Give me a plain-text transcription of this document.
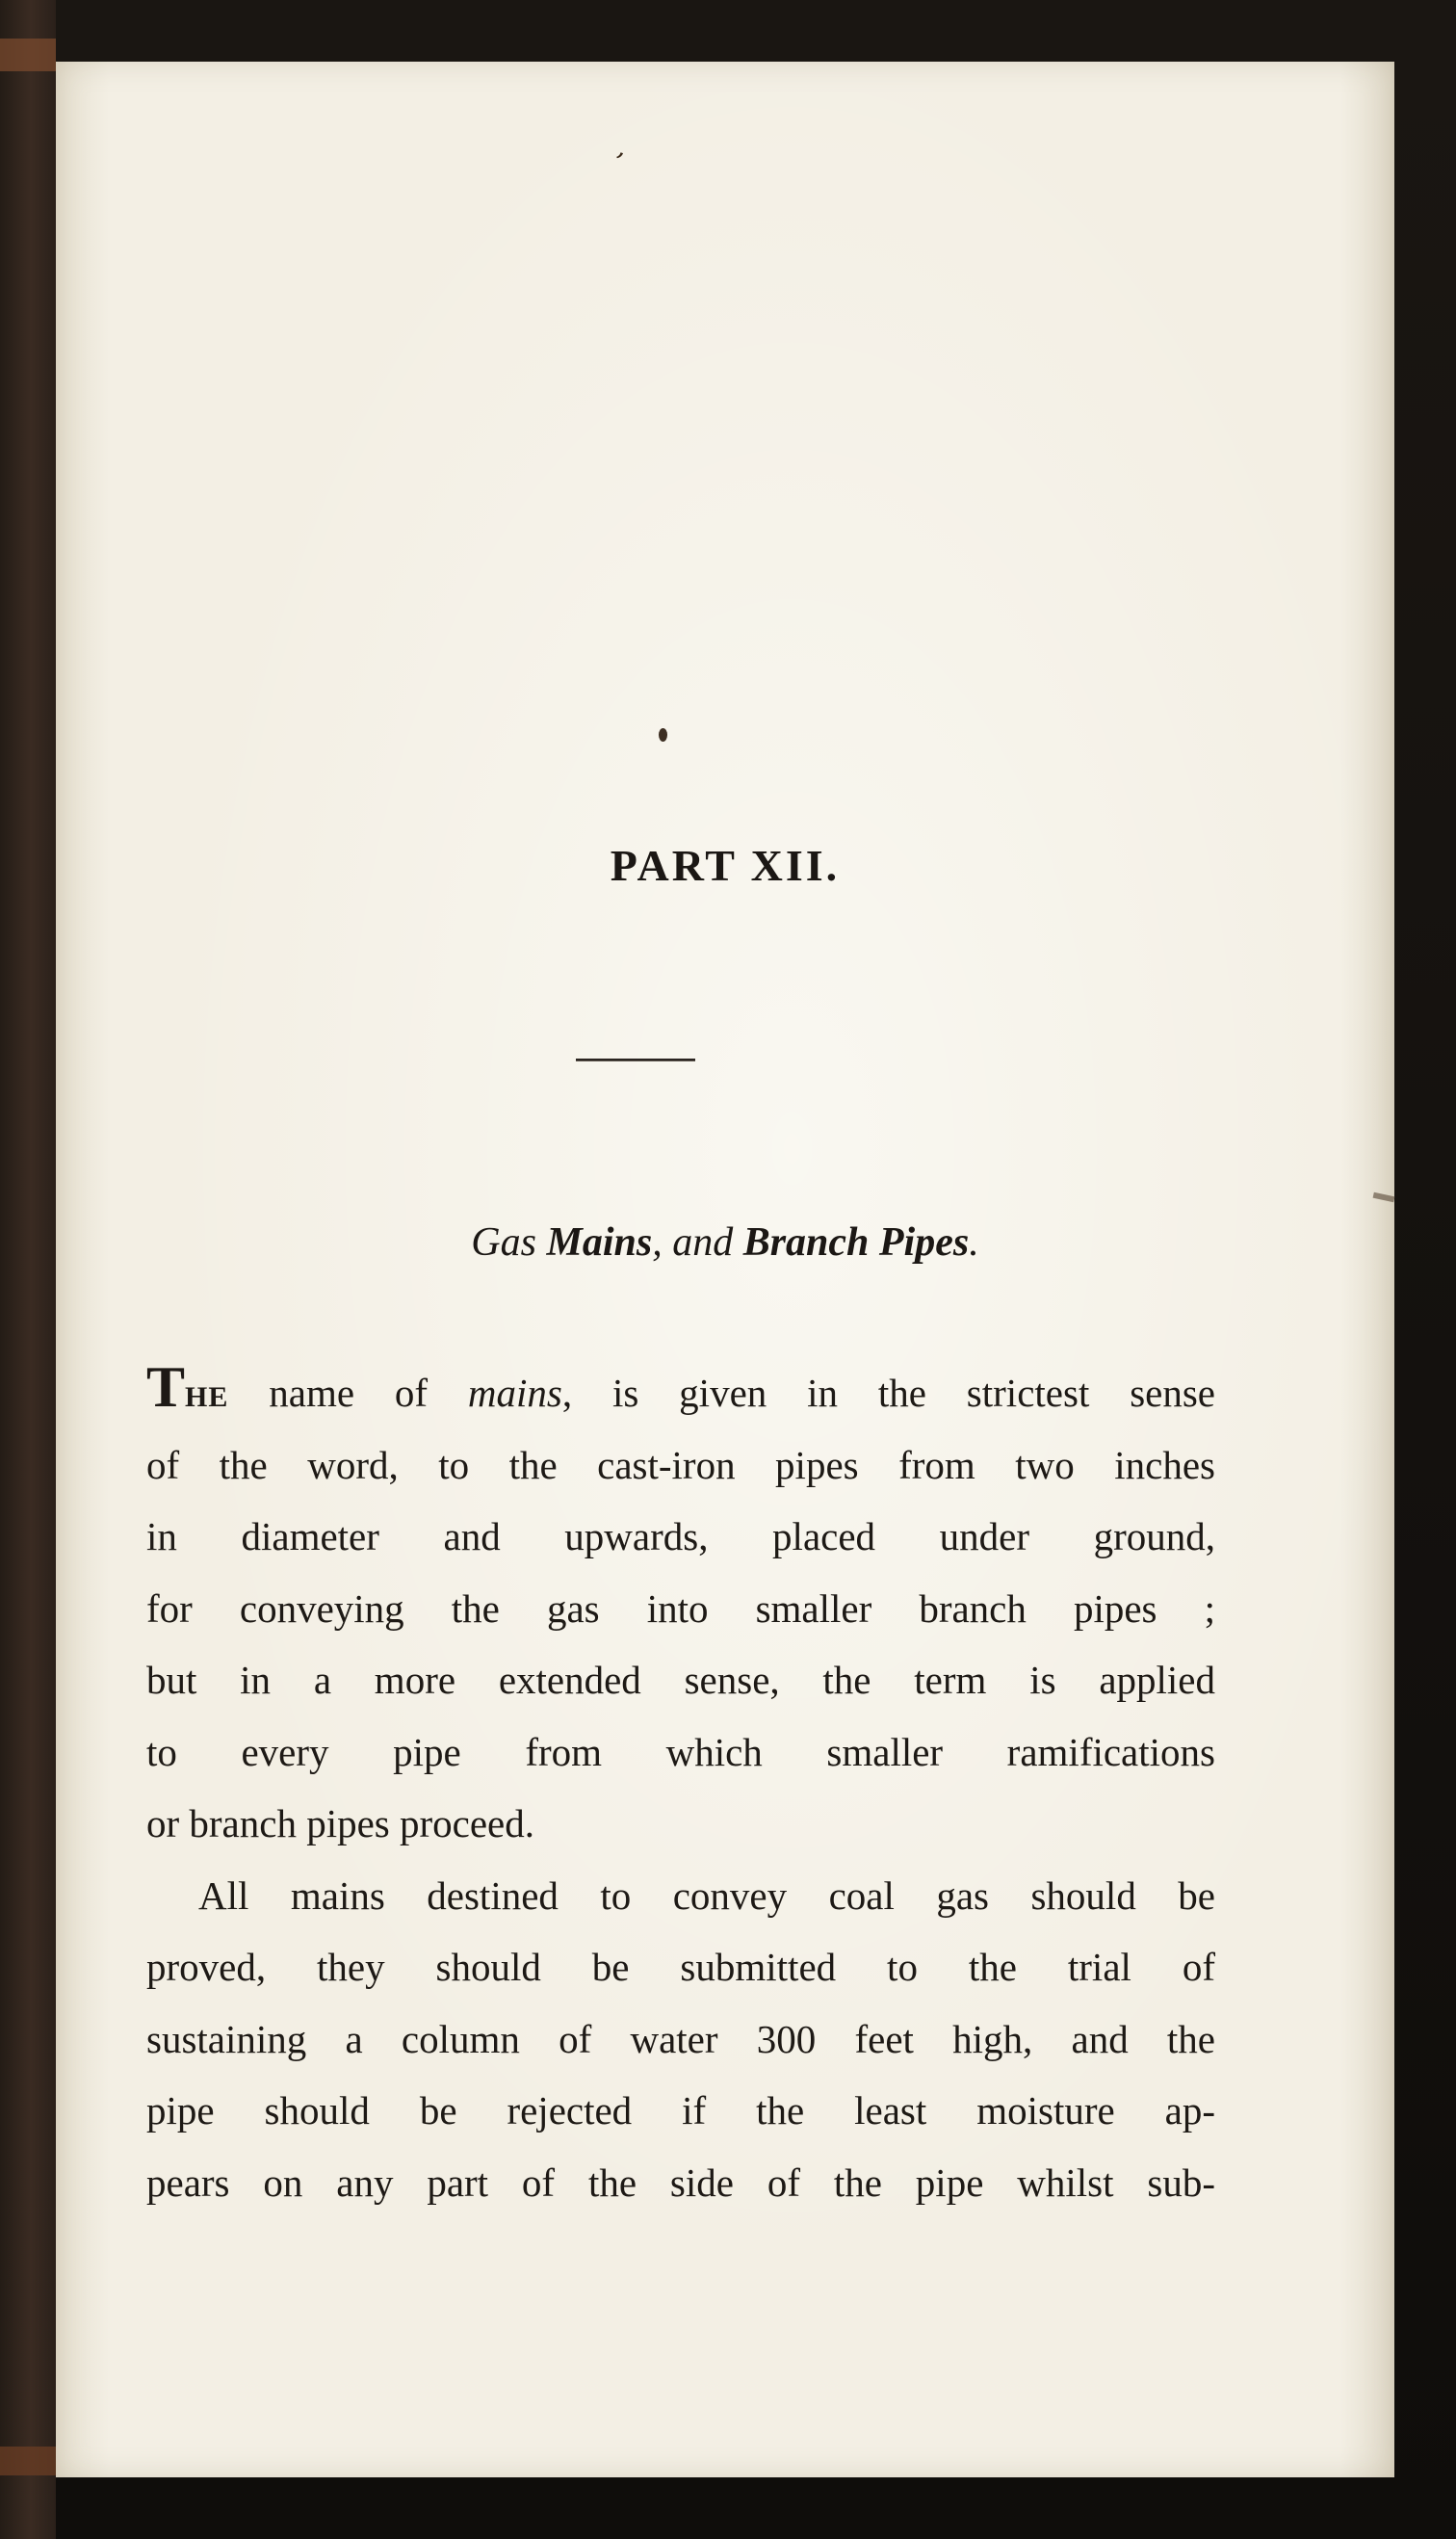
‚
PART XII.
Gas Mains, and Branch Pipes.
THE name of mains, is given in the strictest sense
of the word, to the cast-iron pipes from two inches
in diameter and upwards, placed under ground,
for conveying the gas into smaller branch pipes ;
but in a more extended sense, the term is applied
to every pipe from which smaller ramifications
or branch pipes proceed.
All mains destined to convey coal gas should be
proved, they should be submitted to the trial of
sustaining a column of water 300 feet high, and the
pipe should be rejected if the least moisture ap-
pears on any part of the side of the pipe whilst sub-
